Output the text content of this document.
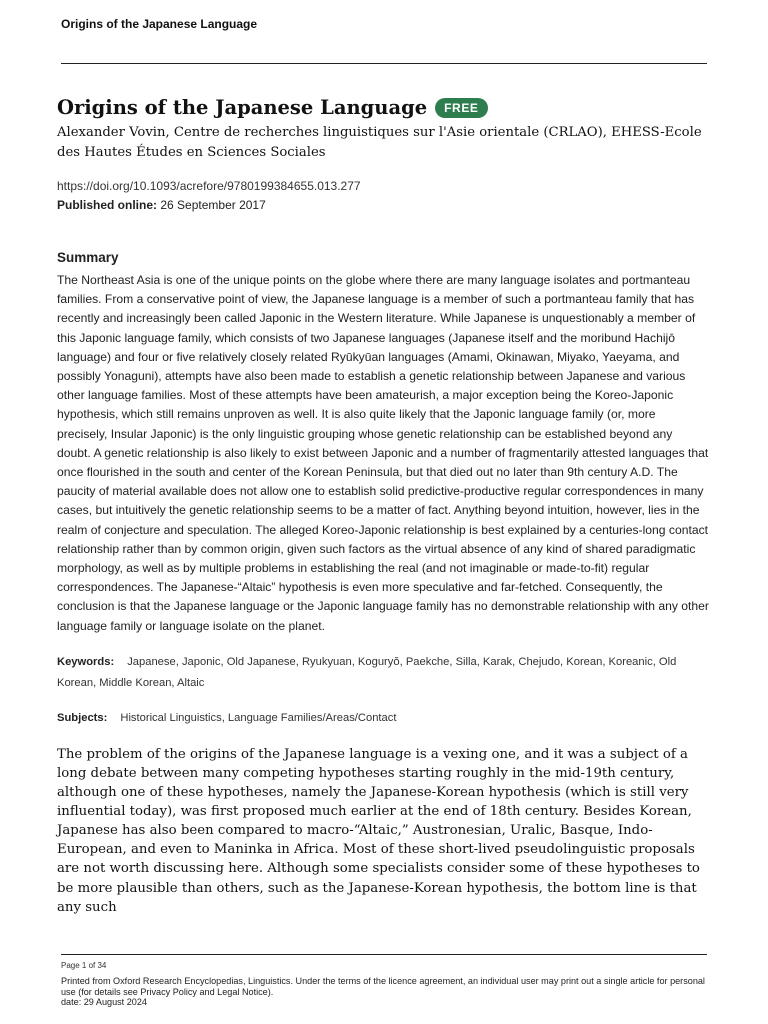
Origins of the Japanese Language
Origins of the Japanese Language	FREE
Alexander Vovin, Centre de recherches linguistiques sur l'Asie orientale (CRLAO), EHESS-Ecole des Hautes Études en Sciences Sociales
https://doi.org/10.1093/acrefore/9780199384655.013.277
Published online: 26 September 2017
Summary
The Northeast Asia is one of the unique points on the globe where there are many language isolates and portmanteau families. From a conservative point of view, the Japanese language is a member of such a portmanteau family that has recently and increasingly been called Japonic in the Western literature. While Japanese is unquestionably a member of this Japonic language family, which consists of two Japanese languages (Japanese itself and the moribund Hachijō language) and four or five relatively closely related Ryūkyūan languages (Amami, Okinawan, Miyako, Yaeyama, and possibly Yonaguni), attempts have also been made to establish a genetic relationship between Japanese and various other language families. Most of these attempts have been amateurish, a major exception being the Koreo-Japonic hypothesis, which still remains unproven as well. It is also quite likely that the Japonic language family (or, more precisely, Insular Japonic) is the only linguistic grouping whose genetic relationship can be established beyond any doubt. A genetic relationship is also likely to exist between Japonic and a number of fragmentarily attested languages that once flourished in the south and center of the Korean Peninsula, but that died out no later than 9th century A.D. The paucity of material available does not allow one to establish solid predictive-productive regular correspondences in many cases, but intuitively the genetic relationship seems to be a matter of fact. Anything beyond intuition, however, lies in the realm of conjecture and speculation. The alleged Koreo-Japonic relationship is best explained by a centuries-long contact relationship rather than by common origin, given such factors as the virtual absence of any kind of shared paradigmatic morphology, as well as by multiple problems in establishing the real (and not imaginable or made-to-fit) regular correspondences. The Japanese-“Altaic” hypothesis is even more speculative and far-fetched. Consequently, the conclusion is that the Japanese language or the Japonic language family has no demonstrable relationship with any other language family or language isolate on the planet.
Keywords: Japanese, Japonic, Old Japanese, Ryukyuan, Koguryŏ, Paekche, Silla, Karak, Chejudo, Korean, Koreanic, Old Korean, Middle Korean, Altaic
Subjects: Historical Linguistics, Language Families/Areas/Contact
The problem of the origins of the Japanese language is a vexing one, and it was a subject of a long debate between many competing hypotheses starting roughly in the mid-19th century, although one of these hypotheses, namely the Japanese-Korean hypothesis (which is still very influential today), was first proposed much earlier at the end of 18th century. Besides Korean, Japanese has also been compared to macro-“Altaic,” Austronesian, Uralic, Basque, Indo-European, and even to Maninka in Africa. Most of these short-lived pseudolinguistic proposals are not worth discussing here. Although some specialists consider some of these hypotheses to be more plausible than others, such as the Japanese-Korean hypothesis, the bottom line is that any such
Page 1 of 34
Printed from Oxford Research Encyclopedias, Linguistics. Under the terms of the licence agreement, an individual user may print out a single article for personal use (for details see Privacy Policy and Legal Notice).
date: 29 August 2024
